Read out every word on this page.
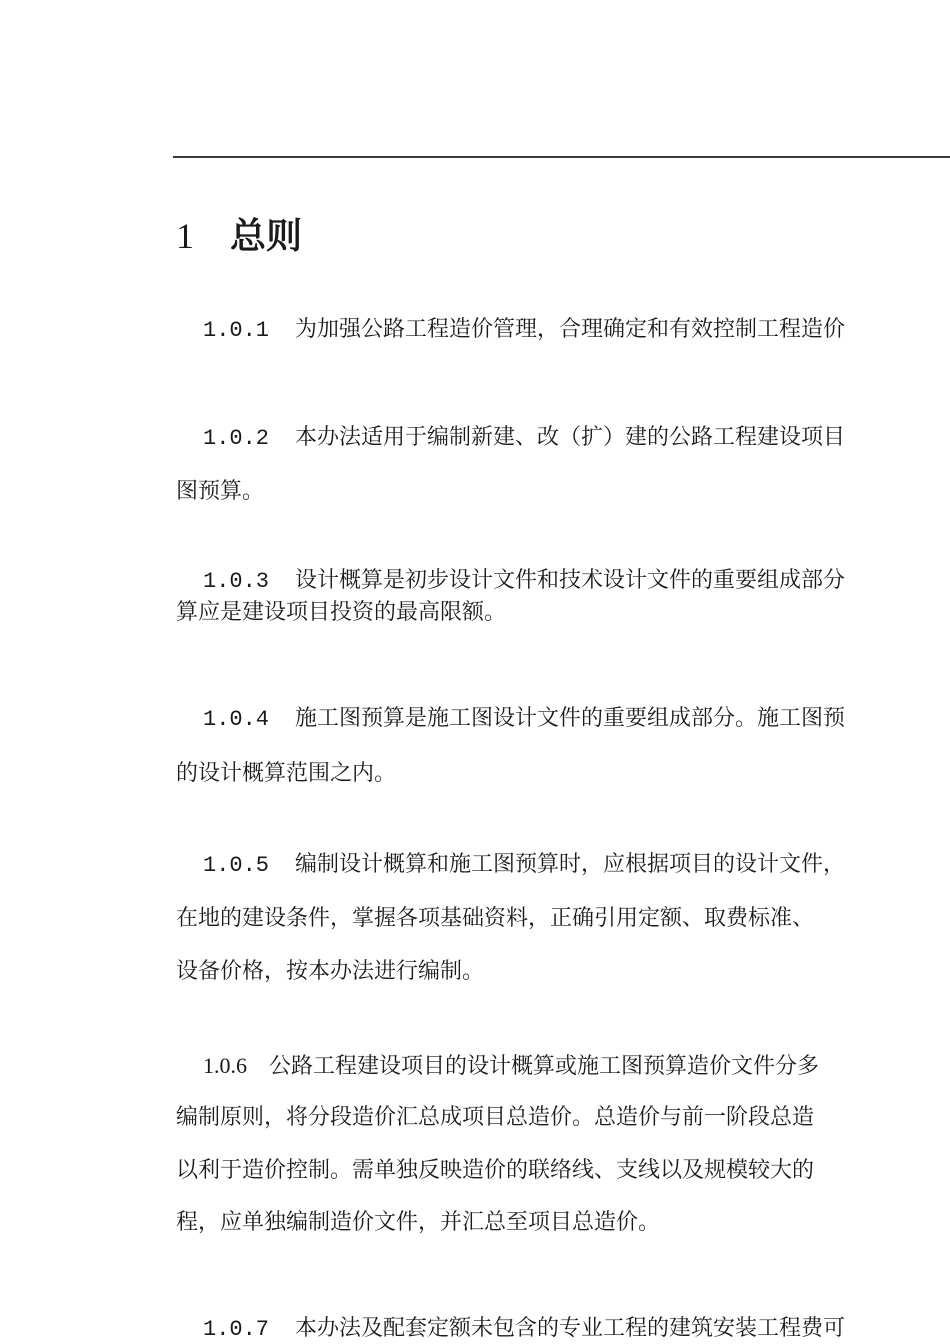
1 总则
1.0.1 为加强公路工程造价管理，合理确定和有效控制工程造价
1.0.2 本办法适用于编制新建、改（扩）建的公路工程建设项目
图预算。
1.0.3 设计概算是初步设计文件和技术设计文件的重要组成部分
算应是建设项目投资的最高限额。
1.0.4 施工图预算是施工图设计文件的重要组成部分。施工图预
的设计概算范围之内。
1.0.5 编制设计概算和施工图预算时，应根据项目的设计文件，
在地的建设条件，掌握各项基础资料，正确引用定额、取费标准、
设备价格，按本办法进行编制。
1.0.6 公路工程建设项目的设计概算或施工图预算造价文件分多
编制原则，将分段造价汇总成项目总造价。总造价与前一阶段总造
以利于造价控制。需单独反映造价的联络线、支线以及规模较大的
程，应单独编制造价文件，并汇总至项目总造价。
1.0.7 本办法及配套定额未包含的专业工程的建筑安装工程费可
